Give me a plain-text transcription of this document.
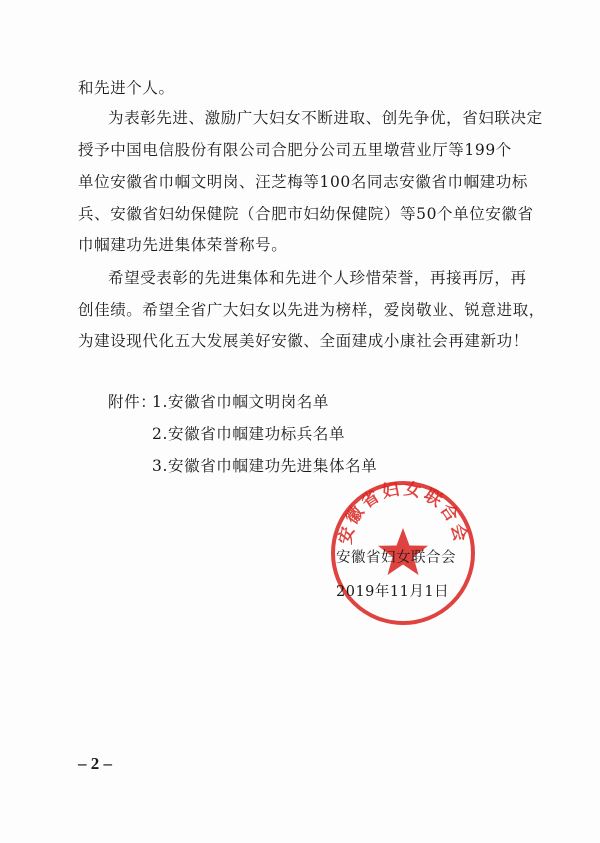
和先进个人。
为表彰先进、激励广大妇女不断进取、创先争优，省妇联决定
授予中国电信股份有限公司合肥分公司五里墩营业厅等199个
单位安徽省巾帼文明岗、汪芝梅等100名同志安徽省巾帼建功标
兵、安徽省妇幼保健院（合肥市妇幼保健院）等50个单位安徽省
巾帼建功先进集体荣誉称号。
希望受表彰的先进集体和先进个人珍惜荣誉，再接再厉，再
创佳绩。希望全省广大妇女以先进为榜样，爱岗敬业、锐意进取，
为建设现代化五大发展美好安徽、全面建成小康社会再建新功！
附件：
1.安徽省巾帼文明岗名单
2.安徽省巾帼建功标兵名单
3.安徽省巾帼建功先进集体名单
安徽省妇女联合会
安徽省妇女联合会
2019年11月1日
– 2 –
